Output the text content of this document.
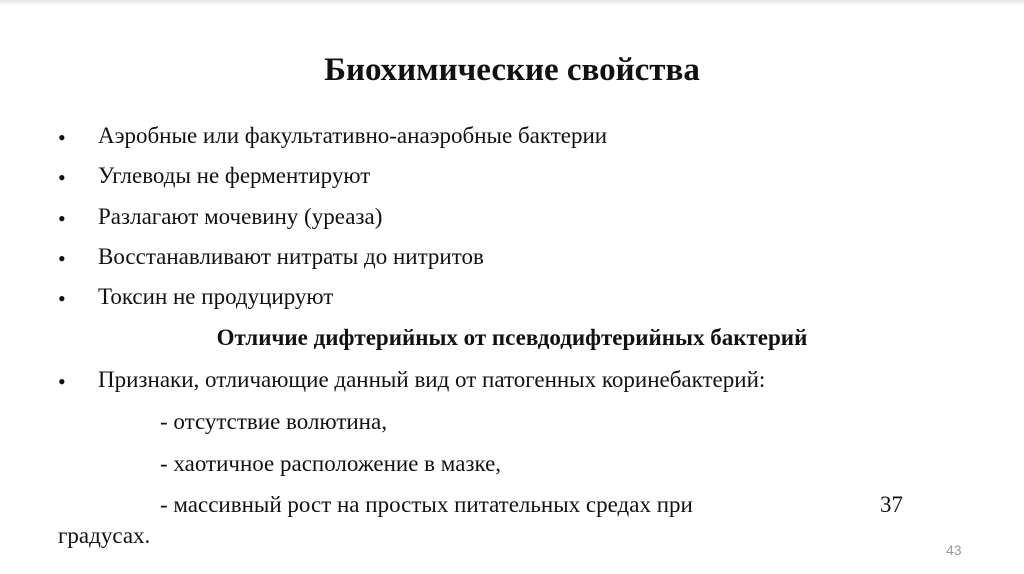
Биохимические свойства
• Аэробные или факультативно-анаэробные бактерии
• Углеводы не ферментируют
• Разлагают мочевину (уреаза)
• Восстанавливают нитраты до нитритов
• Токсин не продуцируют
Отличие дифтерийных от псевдодифтерийных бактерий
• Признаки, отличающие данный вид от патогенных коринебактерий:
- отсутствие волютина,
- хаотичное расположение в мазке,
- массивный рост на простых питательных средах при	37
градусах.
43
